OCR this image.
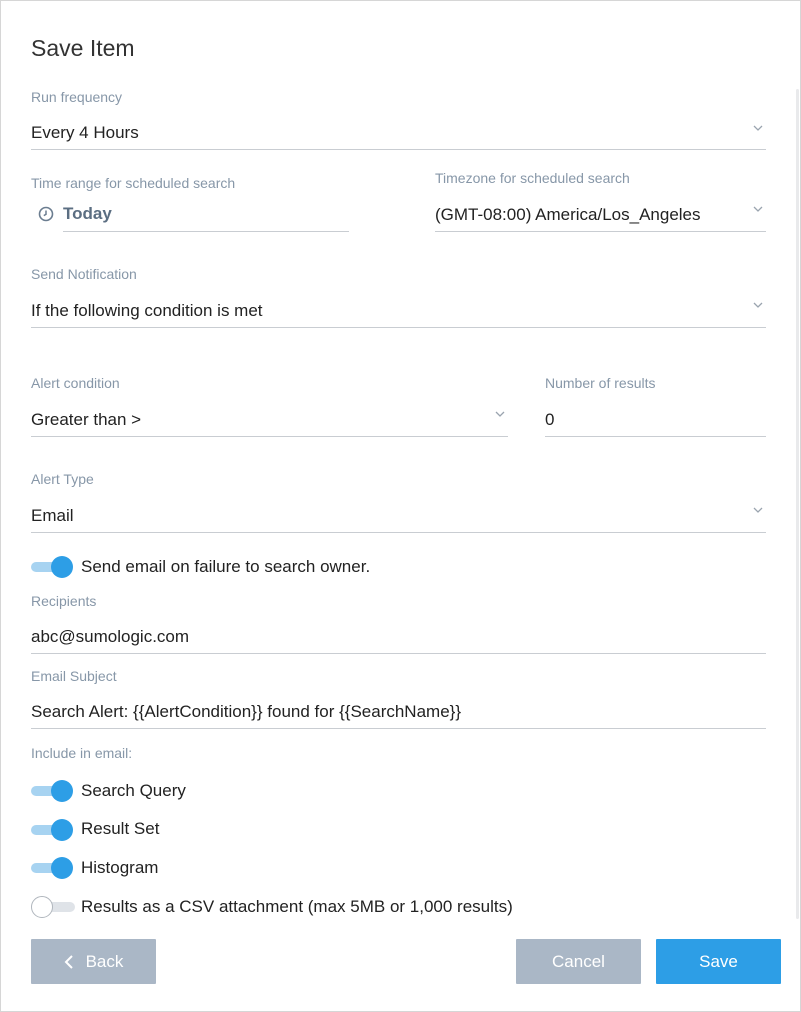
Save Item
Run frequency
Every 4 Hours
Time range for scheduled search
Today
Timezone for scheduled search
(GMT-08:00) America/Los_Angeles
Send Notification
If the following condition is met
Alert condition
Greater than >
Number of results
0
Alert Type
Email
Send email on failure to search owner.
Recipients
abc@sumologic.com
Email Subject
Search Alert: {{AlertCondition}} found for {{SearchName}}
Include in email:
Search Query
Result Set
Histogram
Results as a CSV attachment (max 5MB or 1,000 results)
Back	Cancel	Save
